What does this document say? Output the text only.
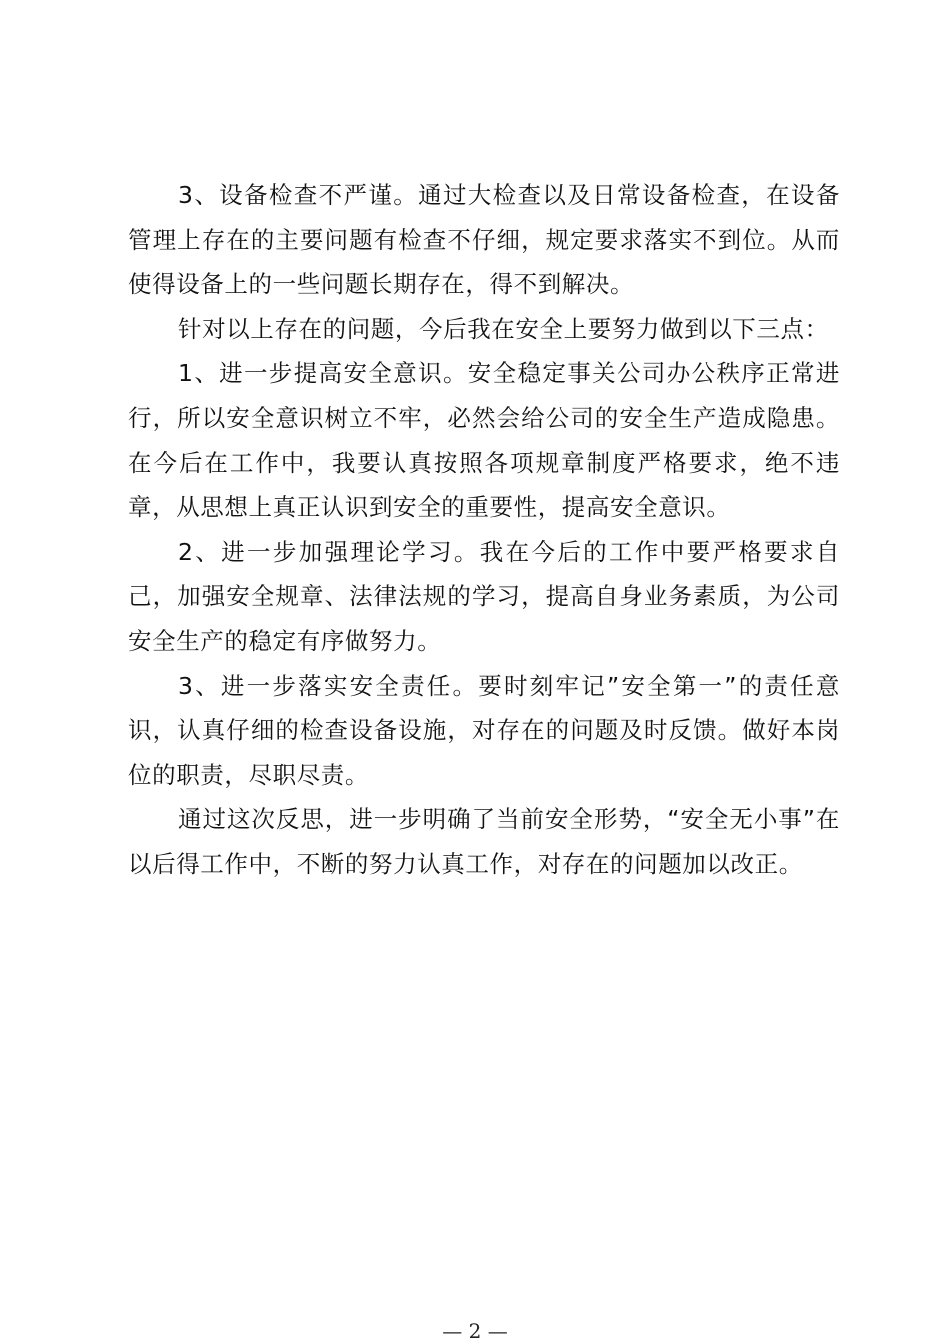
3、设备检查不严谨。通过大检查以及日常设备检查，在设备管理上存在的主要问题有检查不仔细，规定要求落实不到位。从而使得设备上的一些问题长期存在，得不到解决。

针对以上存在的问题，今后我在安全上要努力做到以下三点：

1、进一步提高安全意识。安全稳定事关公司办公秩序正常进行，所以安全意识树立不牢，必然会给公司的安全生产造成隐患。在今后在工作中，我要认真按照各项规章制度严格要求，绝不违章，从思想上真正认识到安全的重要性，提高安全意识。

2、进一步加强理论学习。我在今后的工作中要严格要求自己，加强安全规章、法律法规的学习，提高自身业务素质，为公司安全生产的稳定有序做努力。

3、进一步落实安全责任。要时刻牢记”安全第一”的责任意识，认真仔细的检查设备设施，对存在的问题及时反馈。做好本岗位的职责，尽职尽责。

通过这次反思，进一步明确了当前安全形势，“安全无小事”在以后得工作中，不断的努力认真工作，对存在的问题加以改正。

— 2 —
